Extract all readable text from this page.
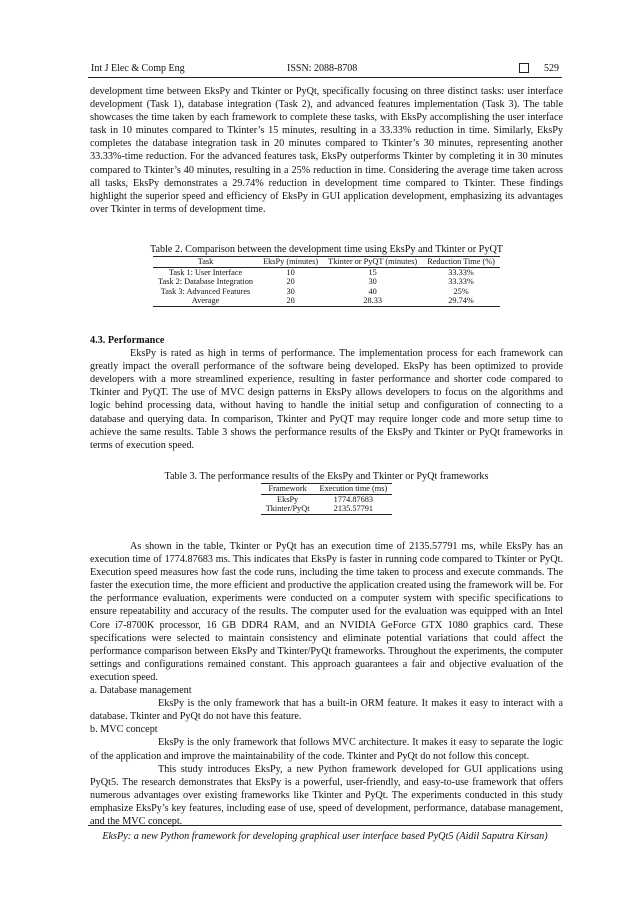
Int J Elec & Comp Eng	ISSN: 2088-8708	529

development time between EksPy and Tkinter or PyQt, specifically focusing on three distinct tasks: user interface development (Task 1), database integration (Task 2), and advanced features implementation (Task 3). The table showcases the time taken by each framework to complete these tasks, with EksPy accomplishing the user interface task in 10 minutes compared to Tkinter’s 15 minutes, resulting in a 33.33% reduction in time. Similarly, EksPy completes the database integration task in 20 minutes compared to Tkinter’s 30 minutes, representing another 33.33%-time reduction. For the advanced features task, EksPy outperforms Tkinter by completing it in 30 minutes compared to Tkinter’s 40 minutes, resulting in a 25% reduction in time. Considering the average time taken across all tasks, EksPy demonstrates a 29.74% reduction in development time compared to Tkinter. These findings highlight the superior speed and efficiency of EksPy in GUI application development, emphasizing its advantages over Tkinter in terms of development time.

Table 2. Comparison between the development time using EksPy and Tkinter or PyQT

Task	EksPy (minutes)	Tkinter or PyQT (minutes)	Reduction Time (%)
Task 1: User Interface	10	15	33.33%
Task 2: Database Integration	20	30	33.33%
Task 3: Advanced Features	30	40	25%
Average	20	28.33	29.74%

4.3. Performance

EksPy is rated as high in terms of performance. The implementation process for each framework can greatly impact the overall performance of the software being developed. EksPy has been optimized to provide developers with a more streamlined experience, resulting in faster performance and shorter code compared to Tkinter and PyQT. The use of MVC design patterns in EksPy allows developers to focus on the algorithms and logic behind processing data, without having to handle the initial setup and configuration of connecting to a database and querying data. In comparison, Tkinter and PyQT may require longer code and more setup time to achieve the same results. Table 3 shows the performance results of the EksPy and Tkinter or PyQt frameworks in terms of execution speed.

Table 3. The performance results of the EksPy and Tkinter or PyQt frameworks

Framework	Execution time (ms)
EksPy	1774.87683
Tkinter/PyQt	2135.57791

As shown in the table, Tkinter or PyQt has an execution time of 2135.57791 ms, while EksPy has an execution time of 1774.87683 ms. This indicates that EksPy is faster in running code compared to Tkinter or PyQt. Execution speed measures how fast the code runs, including the time taken to process and execute commands. The faster the execution time, the more efficient and productive the application created using the framework will be. For the performance evaluation, experiments were conducted on a computer system with specific specifications to ensure repeatability and accuracy of the results. The computer used for the evaluation was equipped with an Intel Core i7-8700K processor, 16 GB DDR4 RAM, and an NVIDIA GeForce GTX 1080 graphics card. These specifications were selected to maintain consistency and eliminate potential variations that could affect the performance comparison between EksPy and Tkinter/PyQt frameworks. Throughout the experiments, the computer settings and configurations remained constant. This approach guarantees a fair and objective evaluation of the execution speed.

a. Database management

EksPy is the only framework that has a built-in ORM feature. It makes it easy to interact with a database. Tkinter and PyQt do not have this feature.

b. MVC concept

EksPy is the only framework that follows MVC architecture. It makes it easy to separate the logic of the application and improve the maintainability of the code. Tkinter and PyQt do not follow this concept.

This study introduces EksPy, a new Python framework developed for GUI applications using PyQt5. The research demonstrates that EksPy is a powerful, user-friendly, and easy-to-use framework that offers numerous advantages over existing frameworks like Tkinter and PyQt. The experiments conducted in this study emphasize EksPy’s key features, including ease of use, speed of development, performance, database management, and the MVC concept.

EksPy: a new Python framework for developing graphical user interface based PyQt5 (Aidil Saputra Kirsan)
